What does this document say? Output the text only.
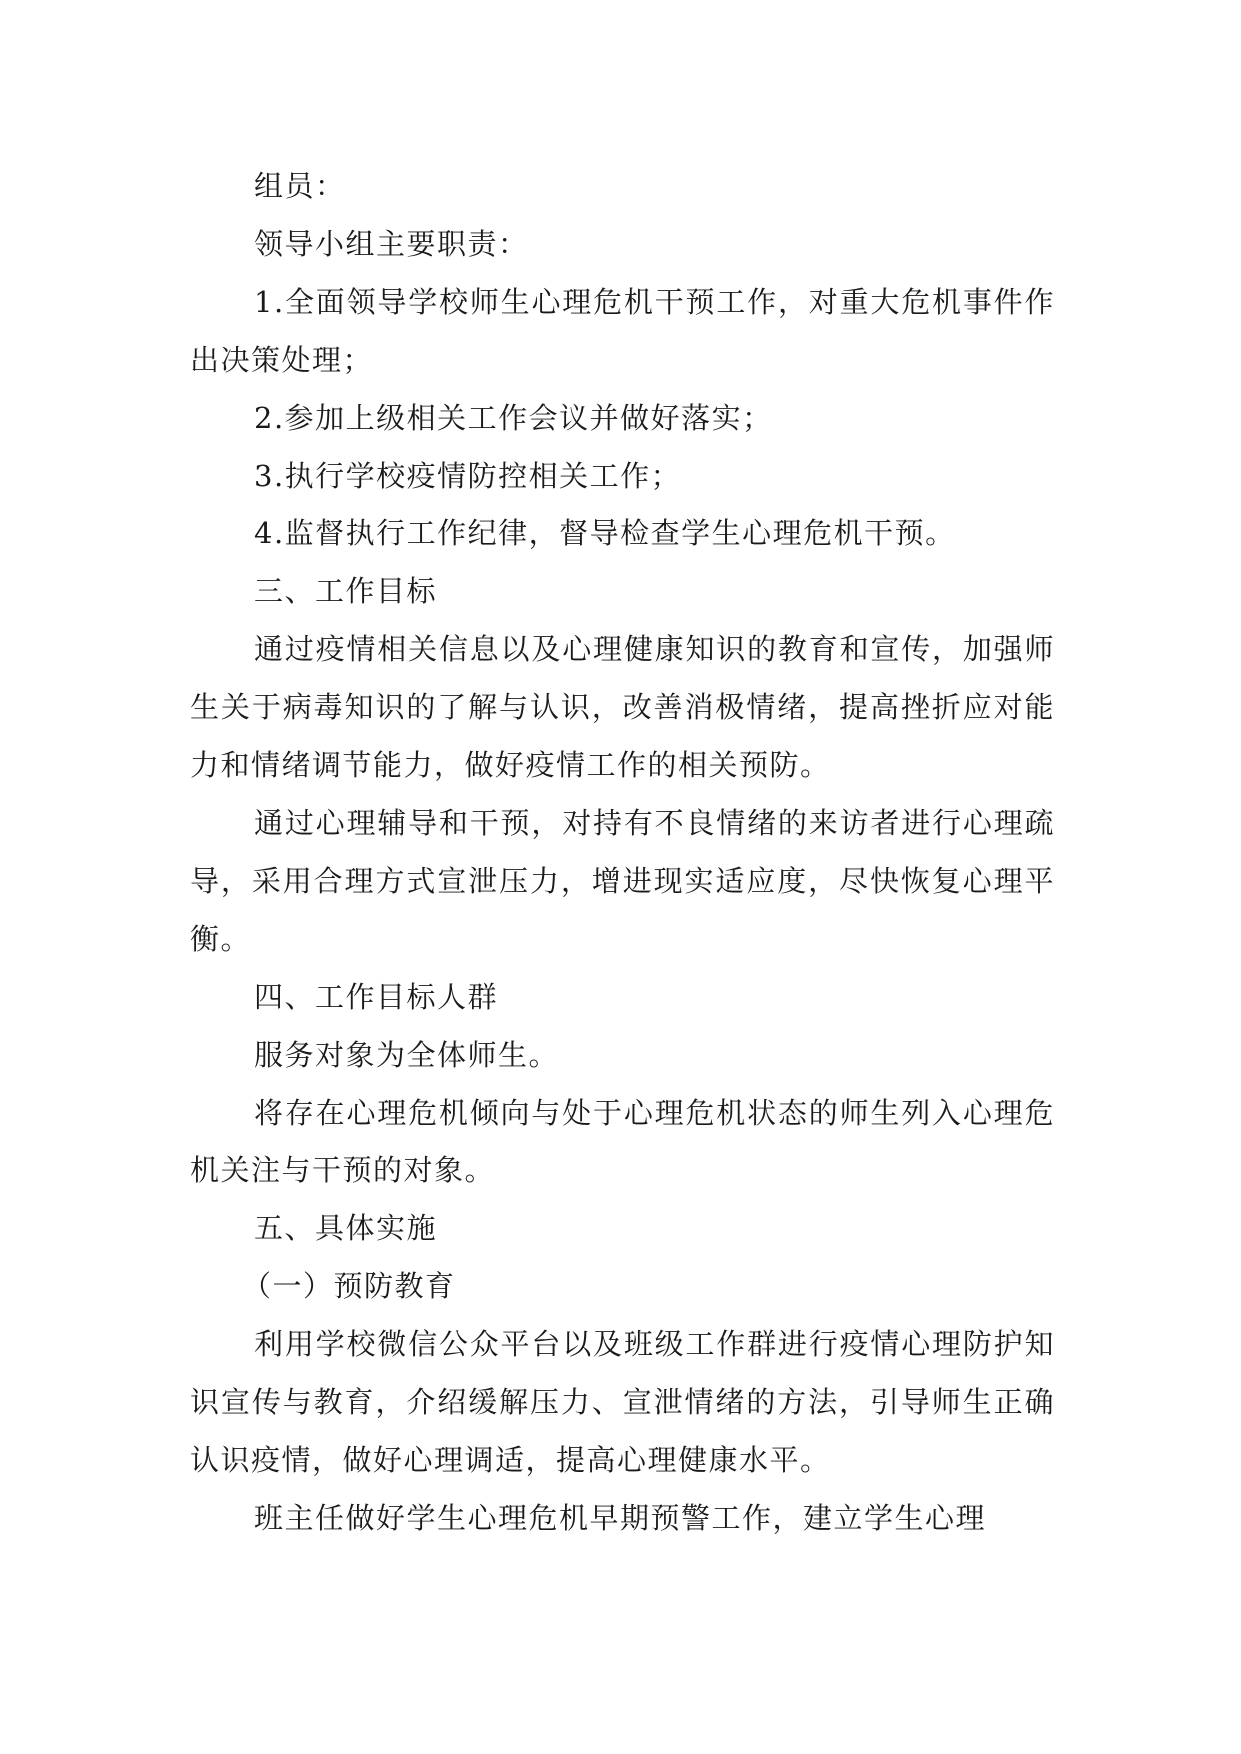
组员：

领导小组主要职责：

1.全面领导学校师生心理危机干预工作，对重大危机事件作出决策处理；

2.参加上级相关工作会议并做好落实；

3.执行学校疫情防控相关工作；

4.监督执行工作纪律，督导检查学生心理危机干预。

三、工作目标

通过疫情相关信息以及心理健康知识的教育和宣传，加强师生关于病毒知识的了解与认识，改善消极情绪，提高挫折应对能力和情绪调节能力，做好疫情工作的相关预防。

通过心理辅导和干预，对持有不良情绪的来访者进行心理疏导，采用合理方式宣泄压力，增进现实适应度，尽快恢复心理平衡。

四、工作目标人群

服务对象为全体师生。

将存在心理危机倾向与处于心理危机状态的师生列入心理危机关注与干预的对象。

五、具体实施

（一）预防教育

利用学校微信公众平台以及班级工作群进行疫情心理防护知识宣传与教育，介绍缓解压力、宣泄情绪的方法，引导师生正确认识疫情，做好心理调适，提高心理健康水平。

班主任做好学生心理危机早期预警工作，建立学生心理
